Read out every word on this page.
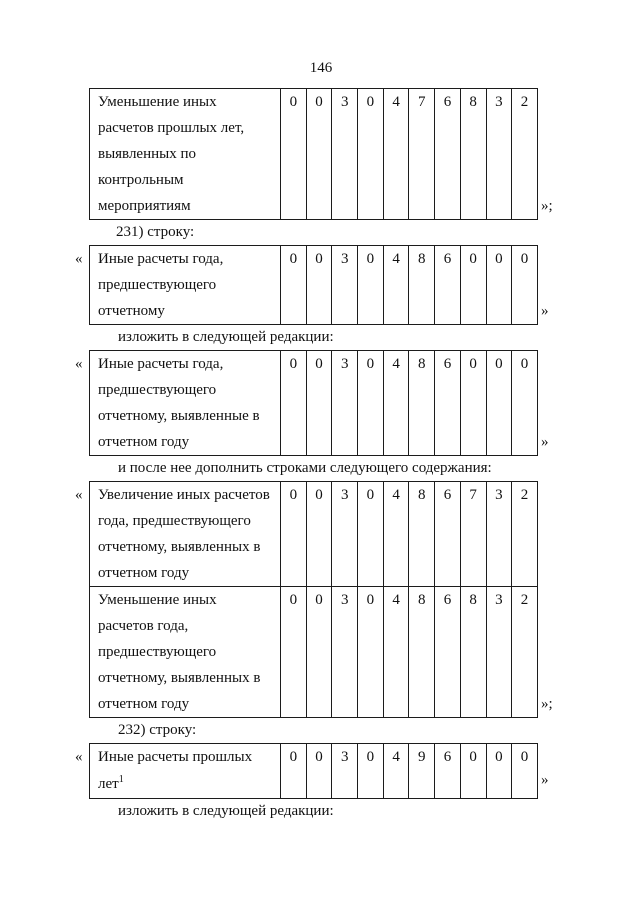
146
Уменьшение иных
расчетов прошлых лет,
выявленных по
контрольным
мероприятиям
	0	0	3	0	4	7	6	8	3	2
»;
231) строку:
« Иные расчеты года,
предшествующего
отчетному
	0	0	3	0	4	8	6	0	0	0
»
изложить в следующей редакции:
« Иные расчеты года,
предшествующего
отчетному, выявленные в
отчетном году
	0	0	3	0	4	8	6	0	0	0
»
и после нее дополнить строками следующего содержания:
« Увеличение иных расчетов
года, предшествующего
отчетному, выявленных в
отчетном году	0	0	3	0	4	8	6	7	3	2

Уменьшение иных
расчетов года,
предшествующего
отчетному, выявленных в
отчетном году	0	0	3	0	4	8	6	8	3	2
»;
232) строку:
« Иные расчеты прошлых
лет$^1$
	0	0	3	0	4	9	6	0	0	0
»
изложить в следующей редакции:
